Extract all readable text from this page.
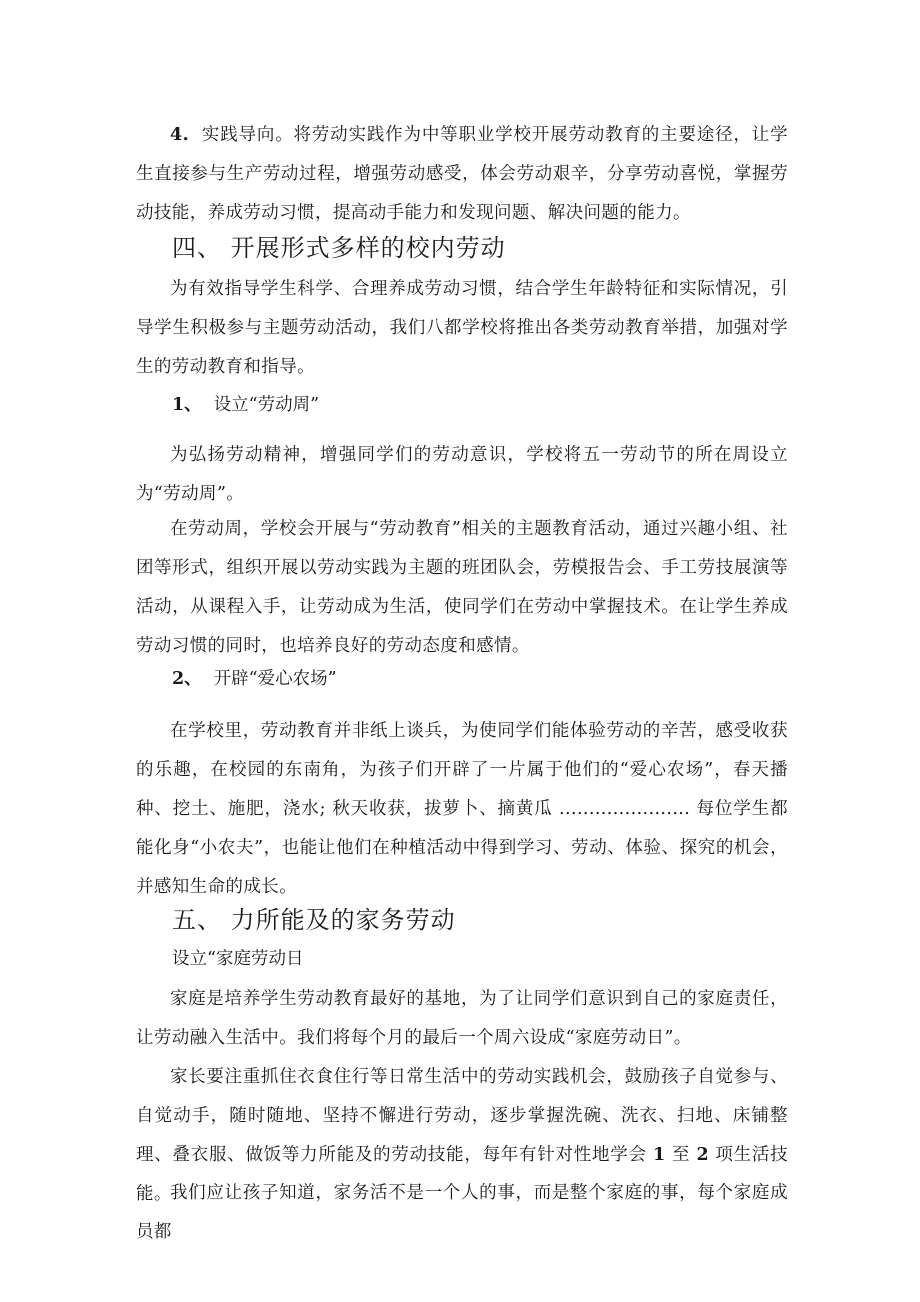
4. 实践导向。将劳动实践作为中等职业学校开展劳动教育的主要途径，让学生直接参与生产劳动过程，增强劳动感受，体会劳动艰辛，分享劳动喜悦，掌握劳动技能，养成劳动习惯，提高动手能力和发现问题、解决问题的能力。

四、 开展形式多样的校内劳动

为有效指导学生科学、合理养成劳动习惯，结合学生年龄特征和实际情况，引导学生积极参与主题劳动活动，我们八都学校将推出各类劳动教育举措，加强对学生的劳动教育和指导。

1、 设立“劳动周”

为弘扬劳动精神，增强同学们的劳动意识，学校将五一劳动节的所在周设立为“劳动周”。

在劳动周，学校会开展与“劳动教育”相关的主题教育活动，通过兴趣小组、社团等形式，组织开展以劳动实践为主题的班团队会，劳模报告会、手工劳技展演等活动，从课程入手，让劳动成为生活，使同学们在劳动中掌握技术。在让学生养成劳动习惯的同时，也培养良好的劳动态度和感情。

2、 开辟“爱心农场”

在学校里，劳动教育并非纸上谈兵，为使同学们能体验劳动的辛苦，感受收获的乐趣，在校园的东南角，为孩子们开辟了一片属于他们的“爱心农场”，春天播种、挖土、施肥，浇水; 秋天收获，拔萝卜、摘黄瓜 ...................... 每位学生都能化身“小农夫”，也能让他们在种植活动中得到学习、劳动、体验、探究的机会，并感知生命的成长。

五、 力所能及的家务劳动

设立“家庭劳动日

家庭是培养学生劳动教育最好的基地，为了让同学们意识到自己的家庭责任，让劳动融入生活中。我们将每个月的最后一个周六设成“家庭劳动日”。

家长要注重抓住衣食住行等日常生活中的劳动实践机会，鼓励孩子自觉参与、自觉动手，随时随地、坚持不懈进行劳动，逐步掌握洗碗、洗衣、扫地、床铺整理、叠衣服、做饭等力所能及的劳动技能，每年有针对性地学会 1 至 2 项生活技能。

我们应让孩子知道，家务活不是一个人的事，而是整个家庭的事，每个家庭成员都
